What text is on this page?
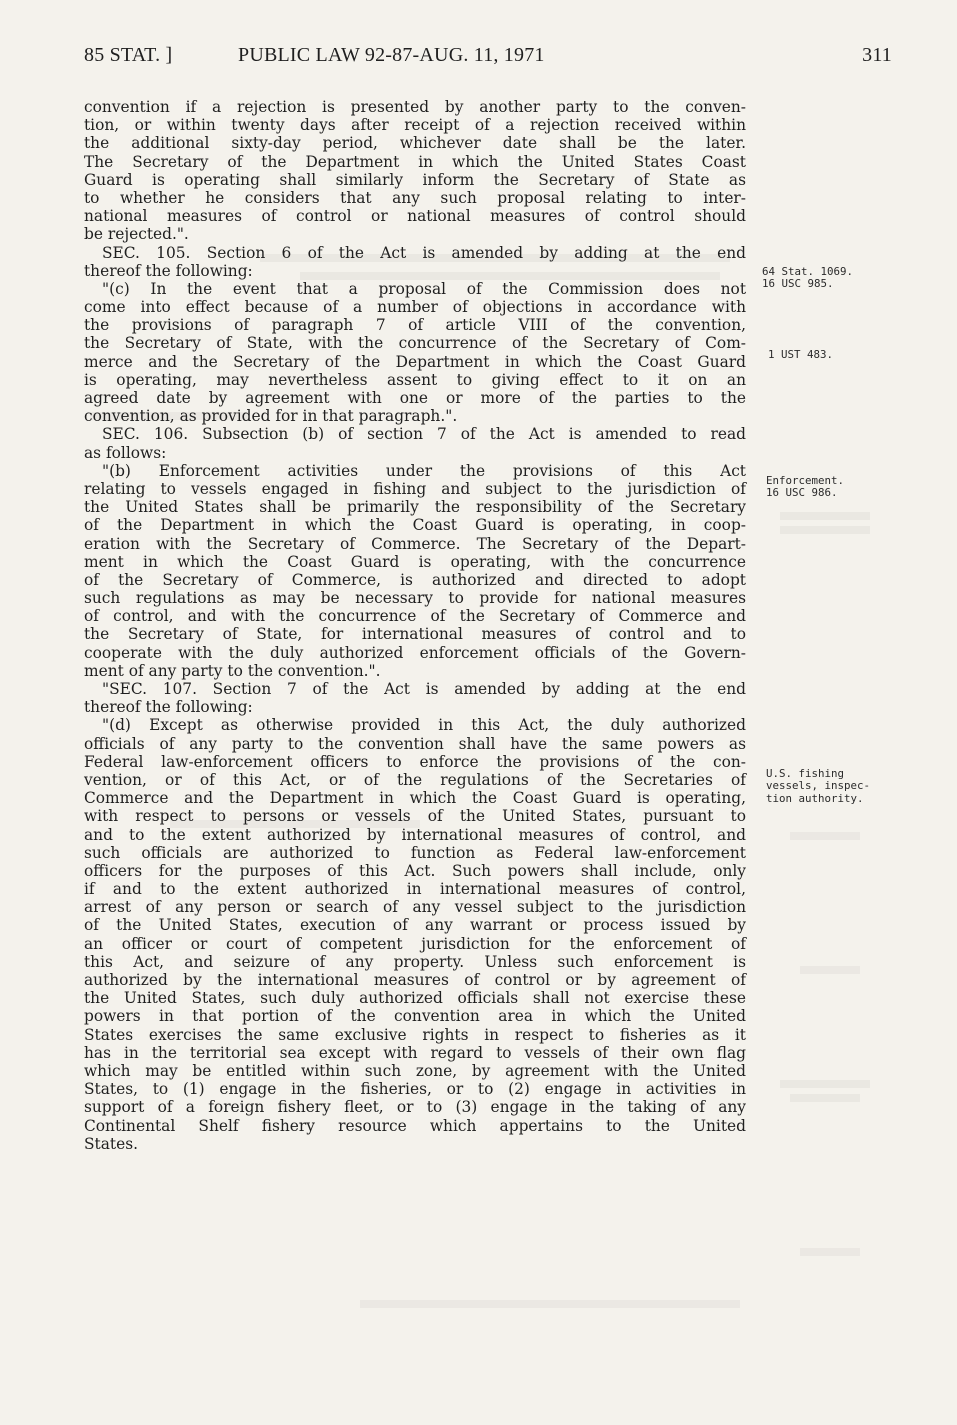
85 STAT. ]	PUBLIC LAW 92-87-AUG. 11, 1971	311
convention if a rejection is presented by another party to the conven-
tion, or within twenty days after receipt of a rejection received within
the additional sixty-day period, whichever date shall be the later.
The Secretary of the Department in which the United States Coast
Guard is operating shall similarly inform the Secretary of State as
to whether he considers that any such proposal relating to inter-
national measures of control or national measures of control should
be rejected.".
SEC. 105. Section 6 of the Act is amended by adding at the end
thereof the following:
"(c) In the event that a proposal of the Commission does not
come into effect because of a number of objections in accordance with
the provisions of paragraph 7 of article VIII of the convention,
the Secretary of State, with the concurrence of the Secretary of Com-
merce and the Secretary of the Department in which the Coast Guard
is operating, may nevertheless assent to giving effect to it on an
agreed date by agreement with one or more of the parties to the
convention, as provided for in that paragraph.".
SEC. 106. Subsection (b) of section 7 of the Act is amended to read
as follows:
"(b) Enforcement activities under the provisions of this Act
relating to vessels engaged in fishing and subject to the jurisdiction of
the United States shall be primarily the responsibility of the Secretary
of the Department in which the Coast Guard is operating, in coop-
eration with the Secretary of Commerce. The Secretary of the Depart-
ment in which the Coast Guard is operating, with the concurrence
of the Secretary of Commerce, is authorized and directed to adopt
such regulations as may be necessary to provide for national measures
of control, and with the concurrence of the Secretary of Commerce and
the Secretary of State, for international measures of control and to
cooperate with the duly authorized enforcement officials of the Govern-
ment of any party to the convention.".
"SEC. 107. Section 7 of the Act is amended by adding at the end
thereof the following:
"(d) Except as otherwise provided in this Act, the duly authorized
officials of any party to the convention shall have the same powers as
Federal law-enforcement officers to enforce the provisions of the con-
vention, or of this Act, or of the regulations of the Secretaries of
Commerce and the Department in which the Coast Guard is operating,
with respect to persons or vessels of the United States, pursuant to
and to the extent authorized by international measures of control, and
such officials are authorized to function as Federal law-enforcement
officers for the purposes of this Act. Such powers shall include, only
if and to the extent authorized in international measures of control,
arrest of any person or search of any vessel subject to the jurisdiction
of the United States, execution of any warrant or process issued by
an officer or court of competent jurisdiction for the enforcement of
this Act, and seizure of any property. Unless such enforcement is
authorized by the international measures of control or by agreement of
the United States, such duly authorized officials shall not exercise these
powers in that portion of the convention area in which the United
States exercises the same exclusive rights in respect to fisheries as it
has in the territorial sea except with regard to vessels of their own flag
which may be entitled within such zone, by agreement with the United
States, to (1) engage in the fisheries, or to (2) engage in activities in
support of a foreign fishery fleet, or to (3) engage in the taking of any
Continental Shelf fishery resource which appertains to the United
States.
64 Stat. 1069.
16 USC 985.
1 UST 483.
Enforcement.
16 USC 986.
U.S. fishing
vessels, inspec-
tion authority.
